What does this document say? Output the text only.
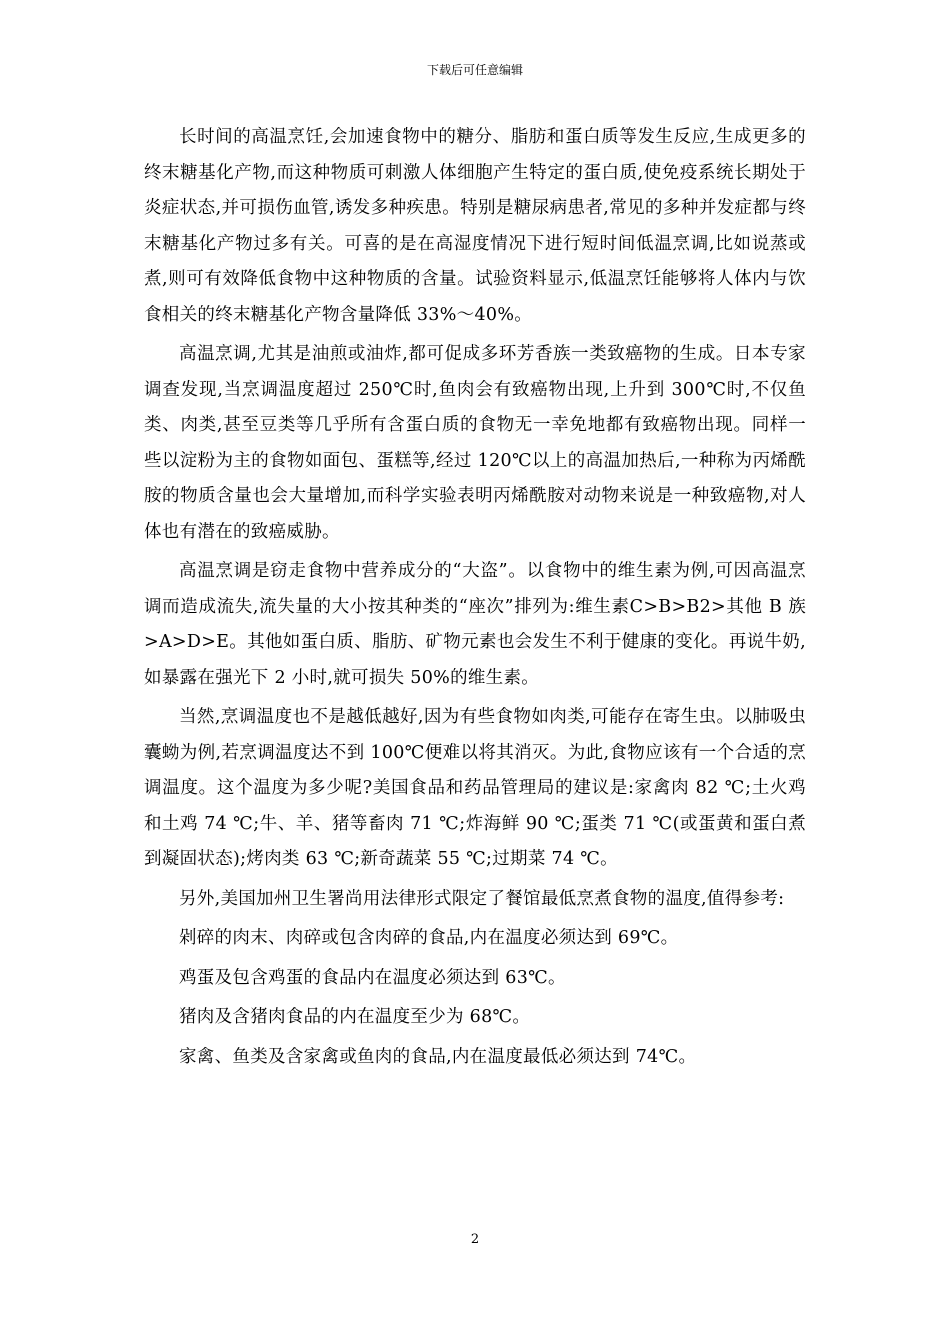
下载后可任意编辑

长时间的高温烹饪,会加速食物中的糖分、脂肪和蛋白质等发生反应,生成更多的终末糖基化产物,而这种物质可刺激人体细胞产生特定的蛋白质,使免疫系统长期处于炎症状态,并可损伤血管,诱发多种疾患。特别是糖尿病患者,常见的多种并发症都与终末糖基化产物过多有关。可喜的是在高湿度情况下进行短时间低温烹调,比如说蒸或煮,则可有效降低食物中这种物质的含量。试验资料显示,低温烹饪能够将人体内与饮食相关的终末糖基化产物含量降低 33%～40%。

高温烹调,尤其是油煎或油炸,都可促成多环芳香族一类致癌物的生成。日本专家调查发现,当烹调温度超过 250℃时,鱼肉会有致癌物出现,上升到 300℃时,不仅鱼类、肉类,甚至豆类等几乎所有含蛋白质的食物无一幸免地都有致癌物出现。同样一些以淀粉为主的食物如面包、蛋糕等,经过 120℃以上的高温加热后,一种称为丙烯酰胺的物质含量也会大量增加,而科学实验表明丙烯酰胺对动物来说是一种致癌物,对人体也有潜在的致癌威胁。

高温烹调是窃走食物中营养成分的“大盗”。以食物中的维生素为例,可因高温烹调而造成流失,流失量的大小按其种类的“座次”排列为:维生素C>B>B2>其他 B 族>A>D>E。其他如蛋白质、脂肪、矿物元素也会发生不利于健康的变化。再说牛奶,如暴露在强光下 2 小时,就可损失 50%的维生素。

当然,烹调温度也不是越低越好,因为有些食物如肉类,可能存在寄生虫。以肺吸虫囊蚴为例,若烹调温度达不到 100℃便难以将其消灭。为此,食物应该有一个合适的烹调温度。这个温度为多少呢?美国食品和药品管理局的建议是:家禽肉 82 ℃;土火鸡和土鸡 74 ℃;牛、羊、猪等畜肉 71 ℃;炸海鲜 90 ℃;蛋类 71 ℃(或蛋黄和蛋白煮到凝固状态);烤肉类 63 ℃;新奇蔬菜 55 ℃;过期菜 74 ℃。

另外,美国加州卫生署尚用法律形式限定了餐馆最低烹煮食物的温度,值得参考:

剁碎的肉末、肉碎或包含肉碎的食品,内在温度必须达到 69℃。

鸡蛋及包含鸡蛋的食品内在温度必须达到 63℃。

猪肉及含猪肉食品的内在温度至少为 68℃。

家禽、鱼类及含家禽或鱼肉的食品,内在温度最低必须达到 74℃。

2
